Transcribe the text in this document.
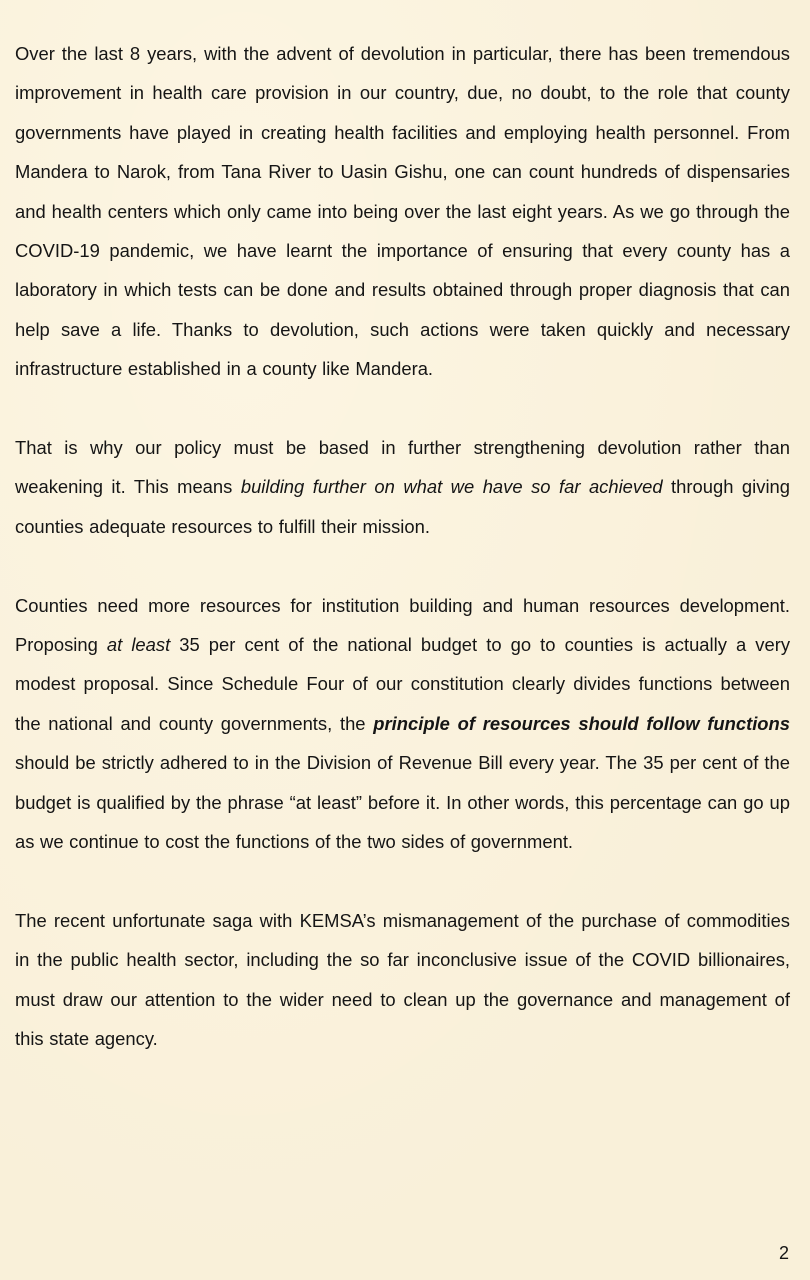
Over the last 8 years, with the advent of devolution in particular, there has been tremendous improvement in health care provision in our country, due, no doubt, to the role that county governments have played in creating health facilities and employing health personnel. From Mandera to Narok, from Tana River to Uasin Gishu, one can count hundreds of dispensaries and health centers which only came into being over the last eight years. As we go through the COVID-19 pandemic, we have learnt the importance of ensuring that every county has a laboratory in which tests can be done and results obtained through proper diagnosis that can help save a life. Thanks to devolution, such actions were taken quickly and necessary infrastructure established in a county like Mandera.

That is why our policy must be based in further strengthening devolution rather than weakening it. This means building further on what we have so far achieved through giving counties adequate resources to fulfill their mission.

Counties need more resources for institution building and human resources development. Proposing at least 35 per cent of the national budget to go to counties is actually a very modest proposal. Since Schedule Four of our constitution clearly divides functions between the national and county governments, the principle of resources should follow functions should be strictly adhered to in the Division of Revenue Bill every year. The 35 per cent of the budget is qualified by the phrase “at least” before it. In other words, this percentage can go up as we continue to cost the functions of the two sides of government.

The recent unfortunate saga with KEMSA’s mismanagement of the purchase of commodities in the public health sector, including the so far inconclusive issue of the COVID billionaires, must draw our attention to the wider need to clean up the governance and management of this state agency.

2
